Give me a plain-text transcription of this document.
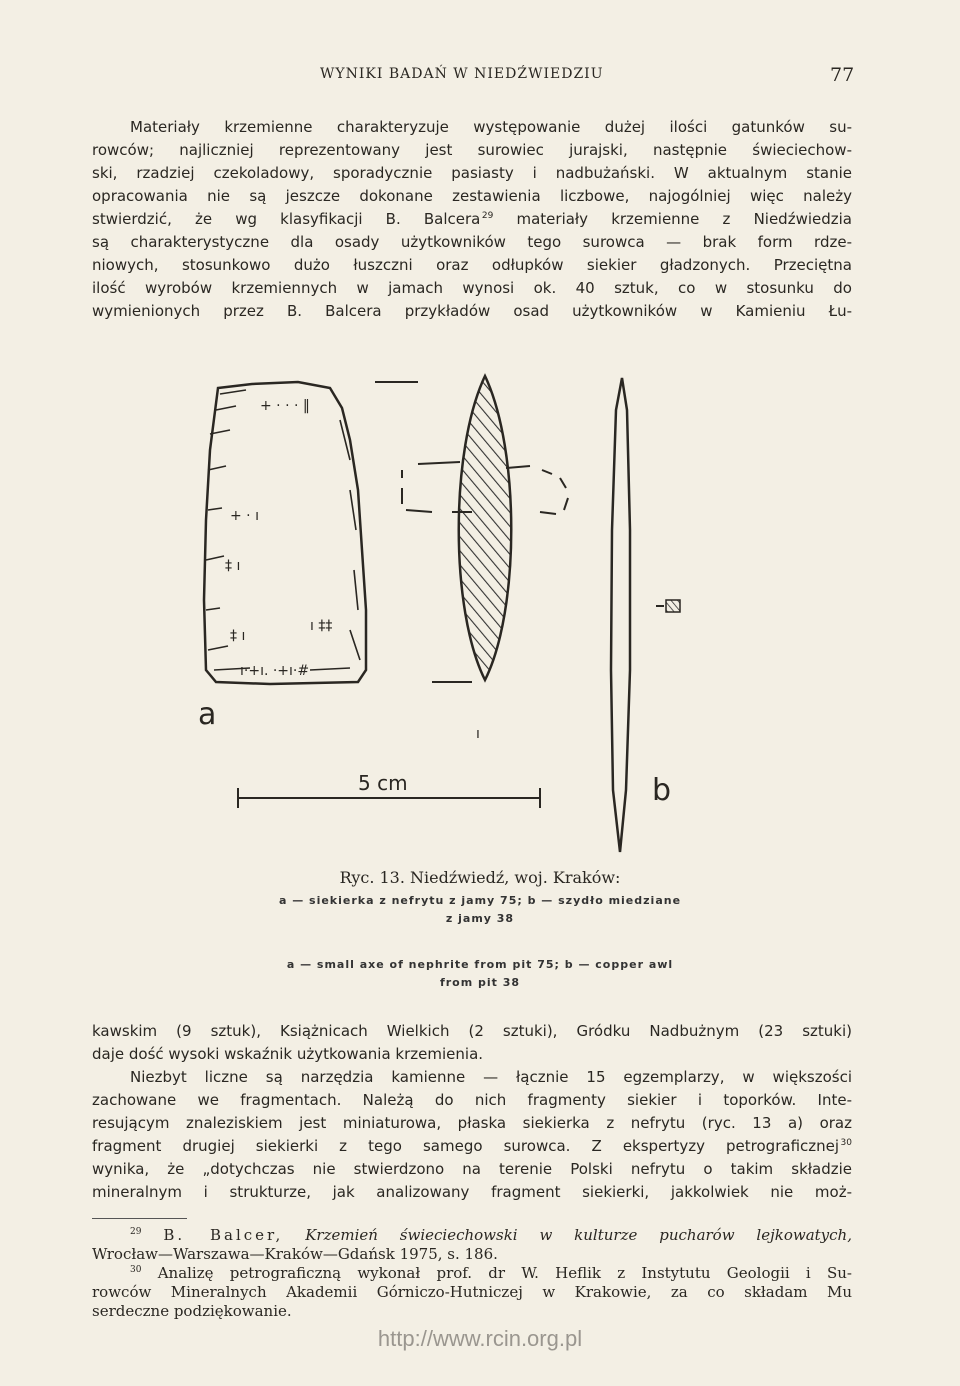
WYNIKI BADAŃ W NIEDŹWIEDZIU	77
Materiały krzemienne charakteryzuje występowanie dużej ilości gatunków su-
rowców; najliczniej reprezentowany jest surowiec jurajski, następnie świeciechow-
ski, rzadziej czekoladowy, sporadycznie pasiasty i nadbużański. W aktualnym stanie
opracowania nie są jeszcze dokonane zestawienia liczbowe, najogólniej więc należy
stwierdzić, że wg klasyfikacji B. Balcera  $^{29}$ materiały krzemienne z Niedźwiedzia
są charakterystyczne dla osady użytkowników tego surowca — brak form rdze-
niowych, stosunkowo dużo łuszczni oraz odłupków siekier gładzonych. Przeciętna
ilość wyrobów krzemiennych w jamach wynosi ok. 40 sztuk, co w stosunku do
wymienionych przez B. Balcera przykładów osad użytkowników w Kamieniu Łu-
+ · · · ‖
+ · ı
‡ ı
ı ‡‡
‡ ı
ı·+ı. ·+ı·#
ı
5 cm
a
b
Ryc. 13. Niedźwiedź, woj. Kraków:
a — siekierka z nefrytu z jamy 75; b — szydło miedziane
z jamy 38
a — small axe of nephrite from pit 75; b — copper awl
from pit 38
kawskim (9 sztuk), Książnicach Wielkich (2 sztuki), Gródku Nadbużnym (23 sztuki)
daje dość wysoki wskaźnik użytkowania krzemienia.
Niezbyt liczne są narzędzia kamienne — łącznie 15 egzemplarzy, w większości
zachowane we fragmentach. Należą do nich fragmenty siekier i toporków. Inte-
resującym znaleziskiem jest miniaturowa, płaska siekierka z nefrytu (ryc. 13 a) oraz
fragment drugiej siekierki z tego samego surowca. Z ekspertyzy petrograficznej  $^{30}$
wynika, że „dotychczas nie stwierdzono na terenie Polski nefrytu o takim składzie
mineralnym i strukturze, jak analizowany fragment siekierki, jakkolwiek nie moż-
$^{29}$ B. Balcer, Krzemień świeciechowski w kulturze pucharów lejkowatych,
Wrocław—Warszawa—Kraków—Gdańsk 1975, s. 186.
$^{30}$ Analizę petrograficzną wykonał prof. dr W. Heflik z Instytutu Geologii i Su-
rowców Mineralnych Akademii Górniczo-Hutniczej w Krakowie, za co składam Mu
serdeczne podziękowanie.
http://www.rcin.org.pl
